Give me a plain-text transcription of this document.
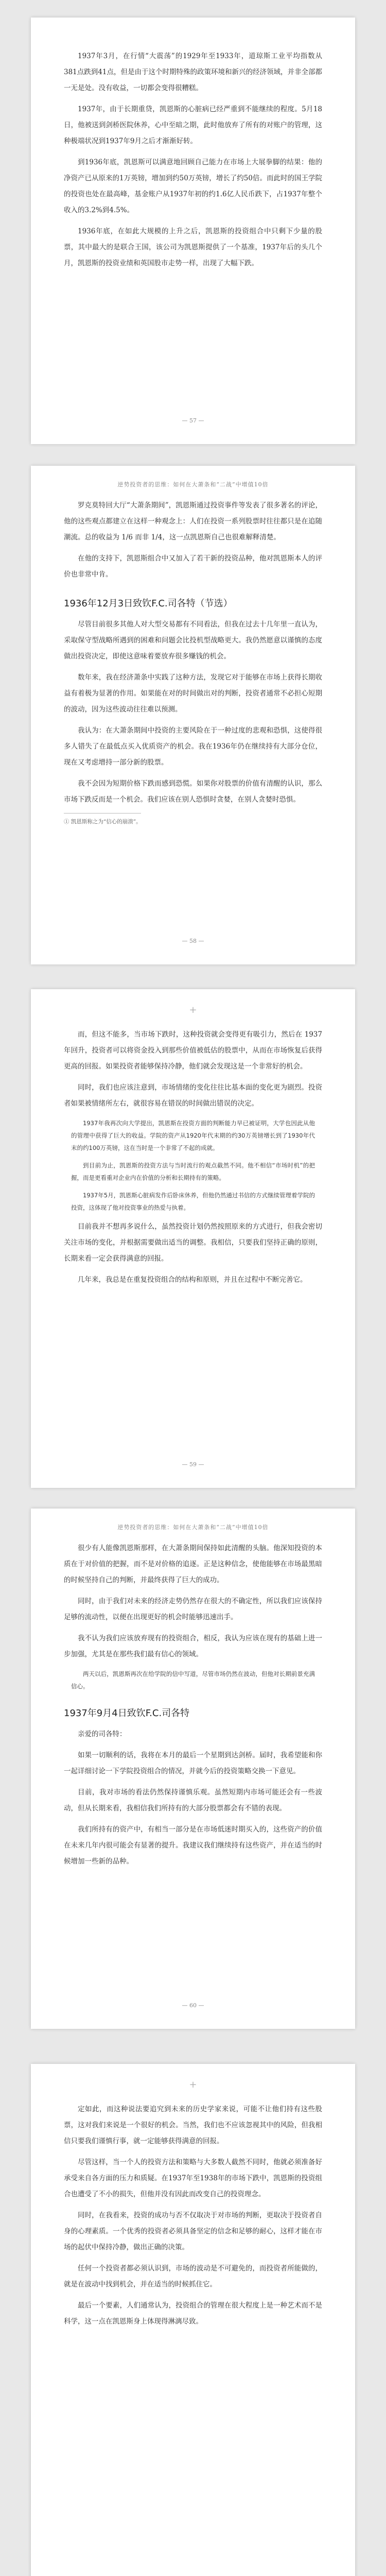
1937年3月，在行情“大震荡”的1929年至1933年，道琼斯工业平均指数从381点跌到41点，但是由于这个时期特殊的政策环境和新兴的经济领域，并非全部都一无是处。没有收益，一切都会变得很糟糕。

1937年，由于长期重贷，凯恩斯的心脏病已经严重到不能继续的程度。5月18日，他被送到剑桥医院休养，心中至暗之期，此时他放弃了所有的对账户的管理，这种极端状况到1937年9月之后才渐渐好转。

到1936年底，凯恩斯可以满意地回顾自己能力在市场上大展拳脚的结果：他的净资产已从原来的1万英镑，增加到约50万英镑，增长了约50倍。而此时的国王学院的投资也处在最高峰，基金账户从1937年初的约1.6亿人民币跌下，占1937年整个收入的3.2%到4.5%。

1936年底，在如此大规模的上升之后，凯恩斯的投资组合中只剩下少量的股票，其中最大的是联合王国，该公司为凯恩斯提供了一个基准，1937年后的头几个月，凯恩斯的投资业绩和英国股市走势一样，出现了大幅下跌。

— 57 —
逆势投资者的思维：如何在大萧条和“二战”中增值10倍

罗克莫特回大厅“大萧条期间”，凯恩斯通过投资事件等发表了很多著名的评论，他的这些观点都建立在这样一种观念上：人们在投资一系列股票时往往都只是在追随潮流。总的收益为 1/6 而非 1/4，这一点凯恩斯自己也很难解释清楚。

在他的支持下，凯恩斯组合中又加入了若干新的投资品种，他对凯恩斯本人的评价也非常中肯。

1936年12月3日致钦F.C.司各特（节选）

尽管目前很多其他人对大型交易都有不同看法，但我在过去十几年里一直认为，采取保守型战略所遇到的困难和问题会比投机型战略更大。我仍然愿意以谨慎的态度做出投资决定，即使这意味着要放弃很多赚钱的机会。

数年来，我在经济萧条中实践了这种方法，发现它对于能够在市场上获得长期收益有着极为显著的作用。如果能在对的时间做出对的判断，投资者通常不必担心短期的波动，因为这些波动往往难以预测。

我认为：在大萧条期间中投资的主要风险在于一种过度的悲观和恐惧，这使得很多人错失了在最低点买入优质资产的机会。我在1936年仍在继续持有大部分仓位，现在又考虑增持一部分新的股票。

我不会因为短期价格下跌而感到恐慌。如果你对股票的价值有清醒的认识，那么市场下跌反而是一个机会。我们应该在别人恐惧时贪婪，在别人贪婪时恐惧。

① 凯恩斯称之为“信心的崩溃”。
— 58 —
+

而，但这不能多，当市场下跌时，这种投资就会变得更有吸引力，然后在 1937 年回升，投资者可以将资金投入到那些价值被低估的股票中，从而在市场恢复后获得更高的回报。如果投资者能够保持冷静，他们就会发现这是一个非常好的机会。

同时，我们也应该注意到，市场情绪的变化往往比基本面的变化更为剧烈。投资者如果被情绪所左右，就很容易在错误的时间做出错误的决定。

1937年我再次向大学提出，凯恩斯在投资方面的判断能力早已被证明，大学也因此从他的管理中获得了巨大的收益。学院的资产从1920年代末期的约30万英镑增长到了1930年代末的约100万英镑，这在当时是一个非常了不起的成就。

到目前为止，凯恩斯的投资方法与当时流行的观点截然不同。他不相信“市场时机”的把握，而是更看重对企业内在价值的分析和长期持有的策略。

1937年5月，凯恩斯心脏病发作后卧床休养，但他仍然通过书信的方式继续管理着学院的投资，这体现了他对投资事业的热爱与执着。

目前我并不想再多说什么，虽然投资计划仍然按照原来的方式进行，但我会密切关注市场的变化，并根据需要做出适当的调整。我相信，只要我们坚持正确的原则，长期来看一定会获得满意的回报。

几年来，我总是在重复投资组合的结构和原则，并且在过程中不断完善它。

— 59 —
逆势投资者的思维：如何在大萧条和“二战”中增值10倍

很少有人能像凯恩斯那样，在大萧条期间保持如此清醒的头脑。他深知投资的本质在于对价值的把握，而不是对价格的追逐。正是这种信念，使他能够在市场最黑暗的时候坚持自己的判断，并最终获得了巨大的成功。

同时，由于我们对未来的经济走势仍然存在很大的不确定性，所以我们应该保持足够的流动性，以便在出现更好的机会时能够迅速出手。

我不认为我们应该放弃现有的投资组合，相反，我认为应该在现有的基础上进一步加强，尤其是在那些我们最有信心的领域。

两天以后，凯恩斯再次在给学院的信中写道，尽管市场仍然在波动，但他对长期前景充满信心。

1937年9月4日致钦F.C.司各特

亲爱的司各特：

如果一切顺利的话，我将在本月的最后一个星期到达剑桥。届时，我希望能和你一起详细讨论一下学院投资组合的情况，并就今后的投资策略交换一下意见。

目前，我对市场的看法仍然保持谨慎乐观。虽然短期内市场可能还会有一些波动，但从长期来看，我相信我们所持有的大部分股票都会有不错的表现。

我们所持有的资产中，有相当一部分是在市场低迷时期买入的，这些资产的价值在未来几年内很可能会有显著的提升。我建议我们继续持有这些资产，并在适当的时候增加一些新的品种。

— 60 —
+

定如此，而这种说法要追究到未来的历史学家来说，可能不让他们持有这些股票，这对我们来说是一个很好的机会。当然，我们也不应该忽视其中的风险，但我相信只要我们谨慎行事，就一定能够获得满意的回报。

尽管这样，当一个人的投资方法和策略与大多数人截然不同时，他就必须准备好承受来自各方面的压力和质疑。在1937年至1938年的市场下跌中，凯恩斯的投资组合也遭受了不小的损失，但他并没有因此而改变自己的投资理念。

同时，在我看来，投资的成功与否不仅取决于对市场的判断，更取决于投资者自身的心理素质。一个优秀的投资者必须具备坚定的信念和足够的耐心，这样才能在市场的起伏中保持冷静，做出正确的决策。

任何一个投资者都必须认识到，市场的波动是不可避免的，而投资者所能做的，就是在波动中找到机会，并在适当的时候抓住它。

最后一个要素，人们通常认为，投资组合的管理在很大程度上是一种艺术而不是科学，这一点在凯恩斯身上体现得淋漓尽致。
